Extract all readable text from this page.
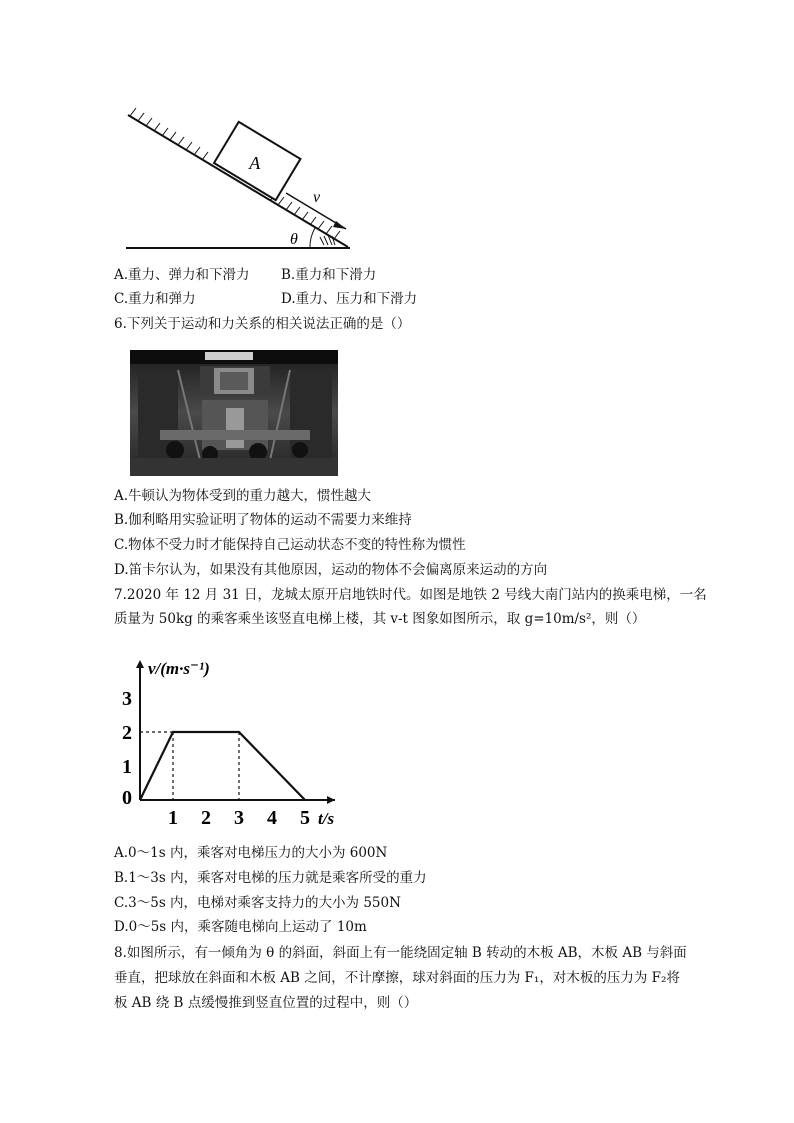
A
v
θ
A.重力、弹力和下滑力 B.重力和下滑力
C.重力和弹力	D.重力、压力和下滑力
6.下列关于运动和力关系的相关说法正确的是（）
A.牛顿认为物体受到的重力越大，惯性越大
B.伽利略用实验证明了物体的运动不需要力来维持
C.物体不受力时才能保持自己运动状态不变的特性称为惯性
D.笛卡尔认为，如果没有其他原因，运动的物体不会偏离原来运动的方向
7.2020 年 12 月 31 日，龙城太原开启地铁时代。如图是地铁 2 号线大南门站内的换乘电梯，一名
质量为 50kg 的乘客乘坐该竖直电梯上楼，其 v-t 图象如图所示，取 g=10m/s²，则（）
0
1 2 3 4 5
1
2
3
v/(m·s⁻¹)
t/s
A.0～1s 内，乘客对电梯压力的大小为 600N
B.1～3s 内，乘客对电梯的压力就是乘客所受的重力
C.3～5s 内，电梯对乘客支持力的大小为 550N
D.0～5s 内，乘客随电梯向上运动了 10m
8.如图所示，有一倾角为 θ 的斜面，斜面上有一能绕固定轴 B 转动的木板 AB，木板 AB 与斜面
垂直，把球放在斜面和木板 AB 之间，不计摩擦，球对斜面的压力为 F₁，对木板的压力为 F₂将
板 AB 绕 B 点缓慢推到竖直位置的过程中，则（）
